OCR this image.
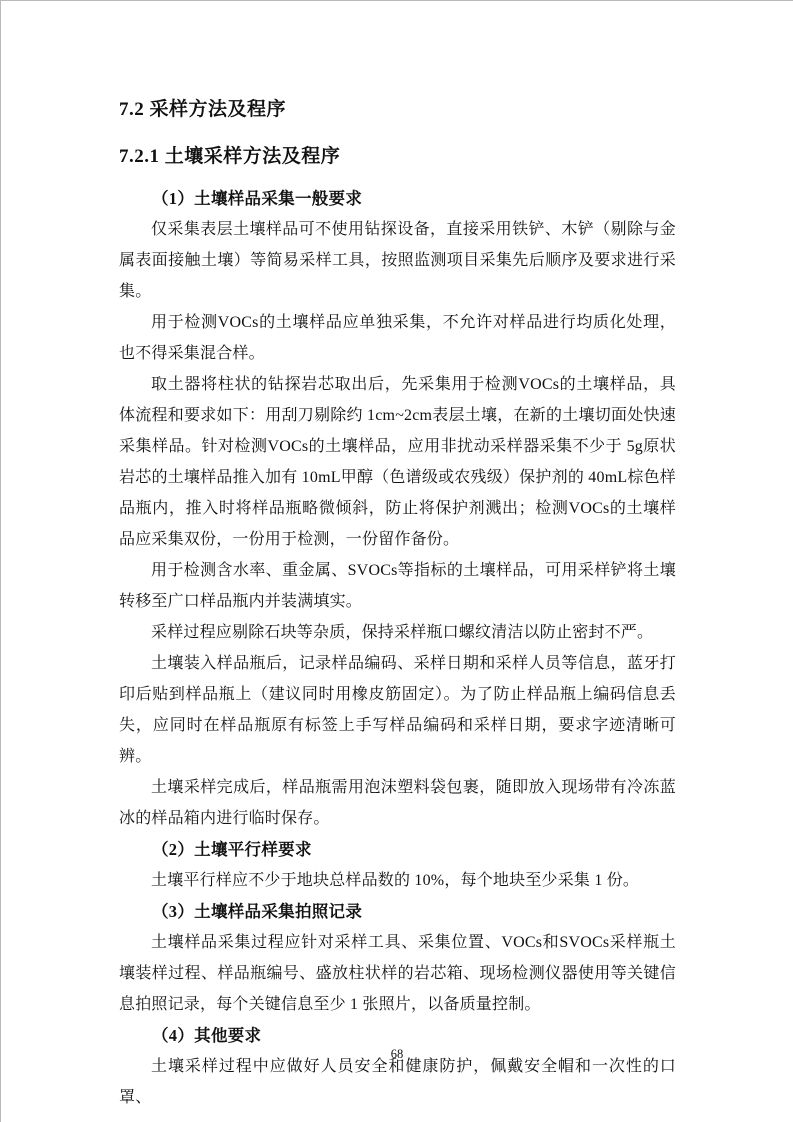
7.2 采样方法及程序
7.2.1 土壤采样方法及程序
（1）土壤样品采集一般要求

仅采集表层土壤样品可不使用钻探设备，直接采用铁铲、木铲（剔除与金属表面接触土壤）等简易采样工具，按照监测项目采集先后顺序及要求进行采集。

用于检测VOCs的土壤样品应单独采集，不允许对样品进行均质化处理，也不得采集混合样。

取土器将柱状的钻探岩芯取出后，先采集用于检测VOCs的土壤样品，具体流程和要求如下：用刮刀剔除约 1cm~2cm表层土壤，在新的土壤切面处快速采集样品。针对检测VOCs的土壤样品，应用非扰动采样器采集不少于 5g原状岩芯的土壤样品推入加有 10mL甲醇（色谱级或农残级）保护剂的 40mL棕色样品瓶内，推入时将样品瓶略微倾斜，防止将保护剂溅出；检测VOCs的土壤样品应采集双份，一份用于检测，一份留作备份。

用于检测含水率、重金属、SVOCs等指标的土壤样品，可用采样铲将土壤转移至广口样品瓶内并装满填实。

采样过程应剔除石块等杂质，保持采样瓶口螺纹清洁以防止密封不严。

土壤装入样品瓶后，记录样品编码、采样日期和采样人员等信息，蓝牙打印后贴到样品瓶上（建议同时用橡皮筋固定）。为了防止样品瓶上编码信息丢失，应同时在样品瓶原有标签上手写样品编码和采样日期，要求字迹清晰可辨。

土壤采样完成后，样品瓶需用泡沫塑料袋包裹，随即放入现场带有冷冻蓝冰的样品箱内进行临时保存。

（2）土壤平行样要求

土壤平行样应不少于地块总样品数的 10%，每个地块至少采集 1 份。

（3）土壤样品采集拍照记录

土壤样品采集过程应针对采样工具、采集位置、VOCs和SVOCs采样瓶土壤装样过程、样品瓶编号、盛放柱状样的岩芯箱、现场检测仪器使用等关键信息拍照记录，每个关键信息至少 1 张照片，以备质量控制。

（4）其他要求

土壤采样过程中应做好人员安全和健康防护，佩戴安全帽和一次性的口罩、

68
